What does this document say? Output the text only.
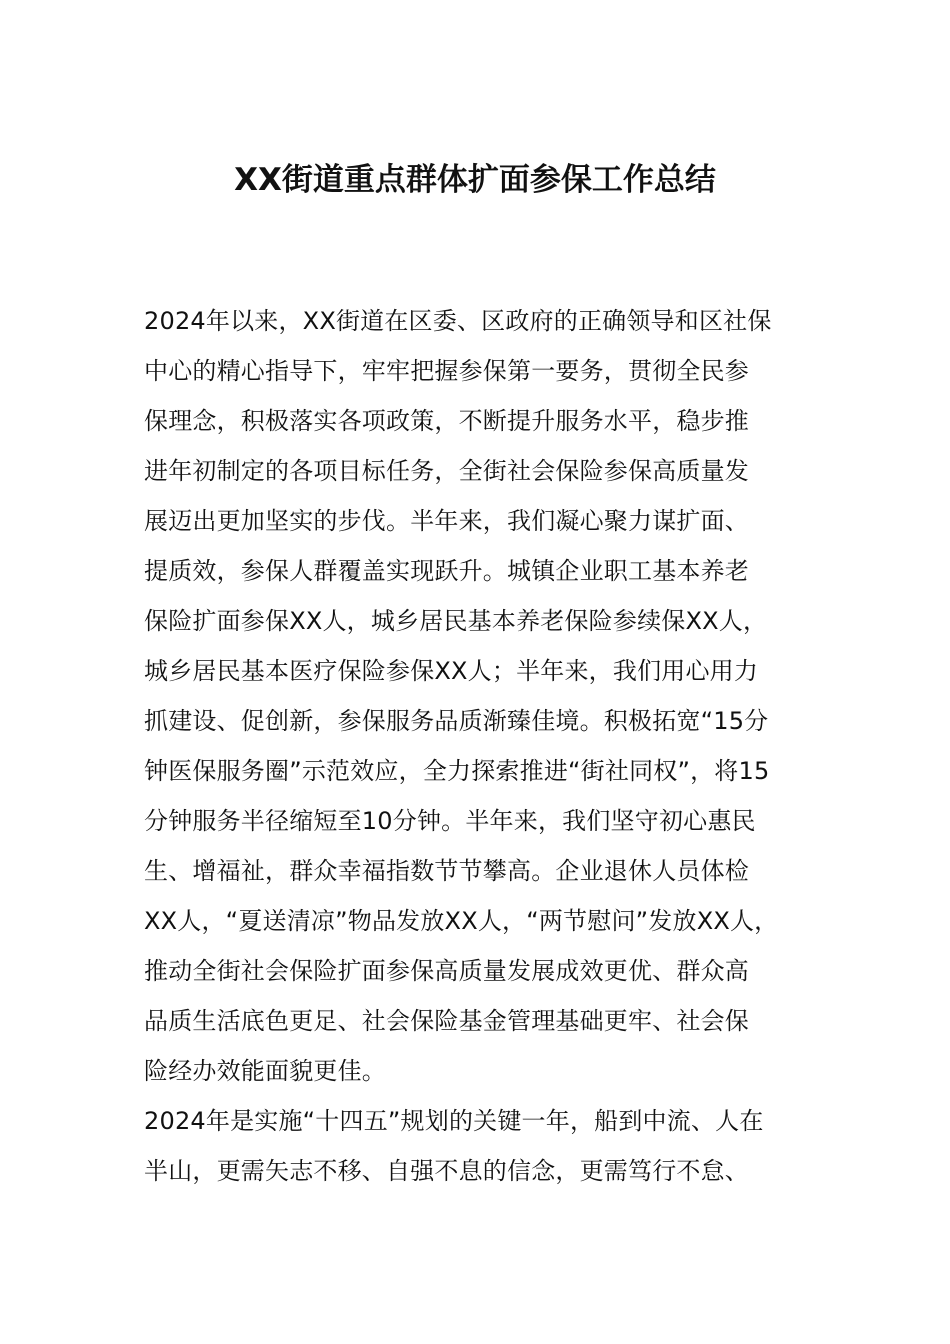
XX街道重点群体扩面参保工作总结
2024年以来，XX街道在区委、区政府的正确领导和区社保
中心的精心指导下，牢牢把握参保第一要务，贯彻全民参
保理念，积极落实各项政策，不断提升服务水平，稳步推
进年初制定的各项目标任务，全街社会保险参保高质量发
展迈出更加坚实的步伐。半年来，我们凝心聚力谋扩面、
提质效，参保人群覆盖实现跃升。城镇企业职工基本养老
保险扩面参保XX人，城乡居民基本养老保险参续保XX人，
城乡居民基本医疗保险参保XX人；半年来，我们用心用力
抓建设、促创新，参保服务品质渐臻佳境。积极拓宽“15分
钟医保服务圈”示范效应，全力探索推进“街社同权”，将15
分钟服务半径缩短至10分钟。半年来，我们坚守初心惠民
生、增福祉，群众幸福指数节节攀高。企业退休人员体检
XX人，“夏送清凉”物品发放XX人，“两节慰问”发放XX人，
推动全街社会保险扩面参保高质量发展成效更优、群众高
品质生活底色更足、社会保险基金管理基础更牢、社会保
险经办效能面貌更佳。
2024年是实施“十四五”规划的关键一年，船到中流、人在
半山，更需矢志不移、自强不息的信念，更需笃行不怠、
